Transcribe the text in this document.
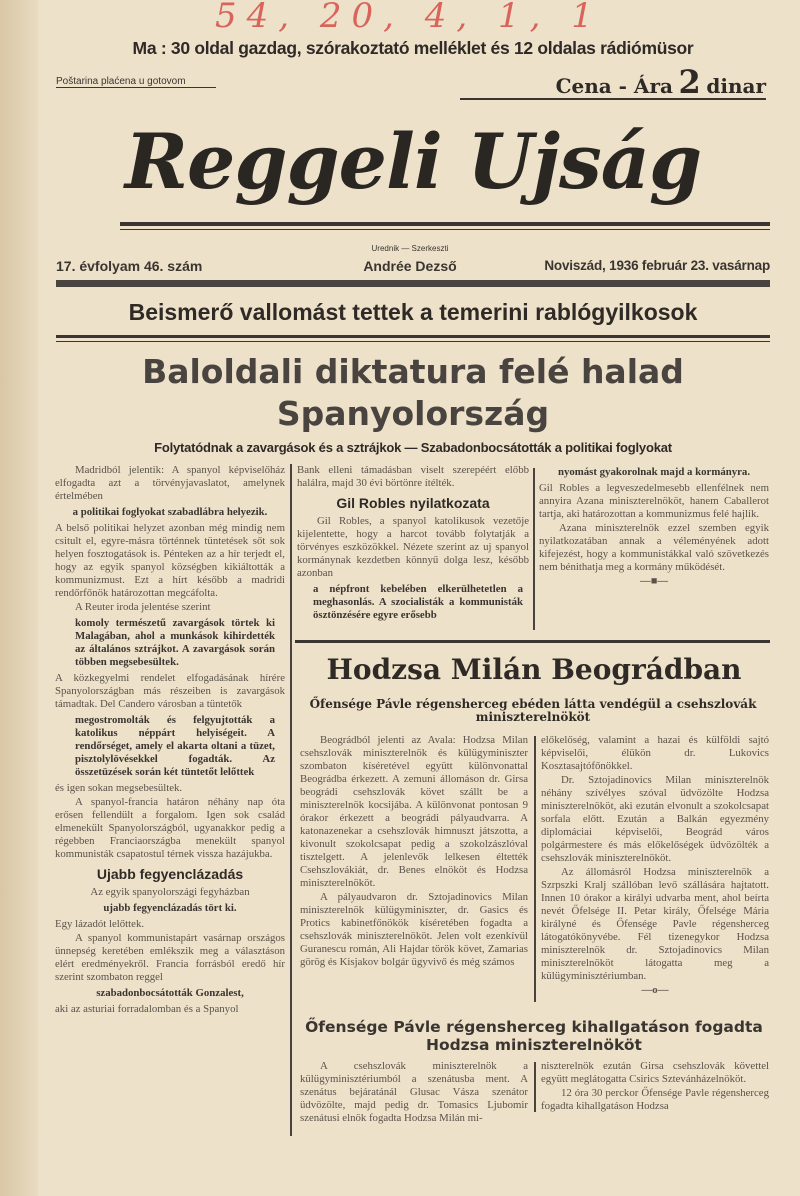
54, 20, 4, 1, 1
Ma : 30 oldal gazdag, szórakoztató melléklet és 12 oldalas rádiómüsor
Poštarina plaćena u gotovom	Cena - Ára 2 dinar
Reggeli Ujság
17. évfolyam 46. szám
Urednik — Szerkeszti
Andrée Dezső	Noviszád, 1936 február 23. vasárnap
Beismerő vallomást tettek a temerini rablógyilkosok
Baloldali diktatura felé halad
Spanyolország
Folytatódnak a zavargások és a sztrájkok — Szabadonbocsátották a politikai foglyokat

Madridból jelentik: A spanyol képviselőház elfogadta azt a törvényjavaslatot, amelynek értelmében

a politikai foglyokat szabadlábra helyezik.

A belső politikai helyzet azonban még mindig nem csitult el, egyre-másra történnek tüntetések sőt sok helyen fosztogatások is. Pénteken az a hír terjedt el, hogy az egyik spanyol községben kikiáltották a kommunizmust. Ezt a hírt később a madridi rendőrfőnök határozottan megcáfolta.

A Reuter iroda jelentése szerint

komoly természetű zavargások törtek ki Malagában, ahol a munkások kihirdették az általános sztrájkot. A zavargások során többen megsebesültek.

A közkegyelmi rendelet elfogadásának hírére Spanyolországban más részeiben is zavargások támadtak. Del Candero városban a tüntetők

megostromolták és felgyujtották a katolikus néppárt helyiségeit. A rendőrséget, amely el akarta oltani a tüzet, pisztolylövésekkel fogadták. Az összetüzések során két tüntetőt lelőttek

és igen sokan megsebesültek.

A spanyol-francia határon néhány nap óta erősen fellendült a forgalom. Igen sok család elmenekült Spanyolországból, ugyanakkor pedig a régebben Franciaországba menekült spanyol kommunisták csapatostul térnek vissza hazájukba.

Ujabb fegyenclázadás

Az egyik spanyolországi fegyházban

ujabb fegyenclázadás tört ki.

Egy lázadót lelőttek.

A spanyol kommunistapárt vasárnap országos ünnepség keretében emlékszik meg a választáson elért eredményekről. Francia forrásból eredő hír szerint szombaton reggel

szabadonbocsátották Gonzalest,

aki az asturiai forradalomban és a Spanyol

Bank elleni támadásban viselt szerepéért előbb halálra, majd 30 évi börtönre ítélték.

Gil Robles nyilatkozata

Gil Robles, a spanyol katolikusok vezetője kijelentette, hogy a harcot tovább folytatják a törvényes eszközökkel. Nézete szerint az uj spanyol kormánynak kezdetben könnyű dolga lesz, később azonban

a népfront kebelében elkerülhetetlen a meghasonlás. A szocialisták a kommunisták ösztönzésére egyre erősebb

nyomást gyakorolnak majd a kormányra.

Gil Robles a legveszedelmesebb ellenfélnek nem annyira Azana miniszterelnököt, hanem Caballerot tartja, aki határozottan a kommunizmus felé hajlik.

Azana miniszterelnök ezzel szemben egyik nyilatkozatában annak a véleményének adott kifejezést, hogy a kommunistákkal való szövetkezés nem bénithatja meg a kormány működését.

—■—

Hodzsa Milán Beográdban
Őfensége Pávle régensherceg ebéden látta vendégül a csehszlovák miniszterelnököt

Beográdból jelenti az Avala: Hodzsa Milan csehszlovák miniszterelnök és külügyminiszter szombaton kíséretével együtt különvonattal Beográdba érkezett. A zemuni állomáson dr. Girsa beográdi csehszlovák követ szállt be a miniszterelnök kocsijába. A különvonat pontosan 9 órakor érkezett a beográdi pályaudvarra. A katonazenekar a csehszlovák himnuszt játszotta, a kivonult szokolcsapat pedig a szokolzászlóval tisztelgett. A jelenlevők lelkesen éltették Csehszlovákiát, dr. Benes elnököt és Hodzsa miniszterelnököt.

A pályaudvaron dr. Sztojadinovics Milan miniszterelnök külügyminiszter, dr. Gasics és Protics kabinetfőnökök kíséretében fogadta a csehszlovák miniszterelnököt. Jelen volt ezenkívül Guranescu román, Ali Hajdar török követ, Zamarias görög és Kisjakov bolgár ügyvivő és még számos

előkelőség, valamint a hazai és külföldi sajtó képviselői, élükön dr. Lukovics Kosztasajtófőnökkel.

Dr. Sztojadinovics Milan miniszterelnök néhány szívélyes szóval üdvözölte Hodzsa miniszterelnököt, aki ezután elvonult a szokolcsapat sorfala előtt. Ezután a Balkán egyezmény diplomáciai képviselői, Beográd város polgármestere és más előkelőségek üdvözölték a csehszlovák miniszterelnököt.

Az állomásról Hodzsa miniszterelnök a Szrpszki Kralj szállóban levő szállására hajtatott. Innen 10 órakor a királyi udvarba ment, ahol beírta nevét Őfelsége II. Petar király, Őfelsége Mária királyné és Őfensége Pavle régensherceg látogatókönyvébe. Fél tizenegykor Hodzsa miniszterelnök dr. Sztojadinovics Milan miniszterelnököt látogatta meg a külügyminisztériumban.

—o—

Őfensége Pávle régensherceg kihallgatáson fogadta Hodzsa miniszterelnököt

A csehszlovák miniszterelnök a külügyminisztériumból a szenátusba ment. A szenátus bejáratánál Glusac Vásza szenátor üdvözölte, majd pedig dr. Tomasics Ljubomir szenátusi elnök fogadta Hodzsa Milán mi-

niszterelnök ezután Girsa csehszlovák követtel együtt meglátogatta Csirics Sztevánházelnököt.

12 óra 30 perckor Őfensége Pavle régensherceg fogadta kihallgatáson Hodzsa
